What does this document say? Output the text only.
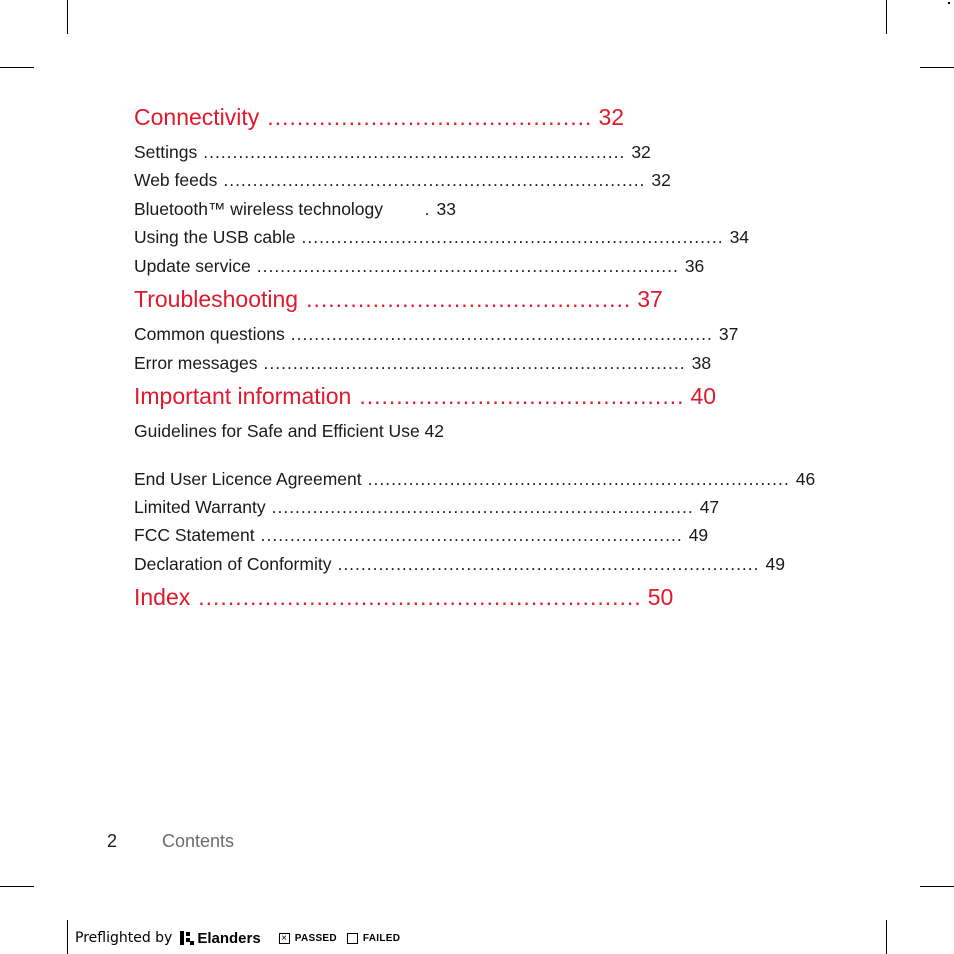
Connectivity ............................................ 32
Settings ........................................................................ 32
Web feeds ........................................................................ 32
Bluetooth™ wireless technology	. 33
Using the USB cable ........................................................................ 34
Update service ........................................................................ 36
Troubleshooting ............................................ 37
Common questions ........................................................................ 37
Error messages ........................................................................ 38
Important information ............................................ 40
Guidelines for Safe and Efficient Use 42
End User Licence Agreement ........................................................................ 46
Limited Warranty ........................................................................ 47
FCC Statement ........................................................................ 49
Declaration of Conformity ........................................................................ 49
Index ............................................................ 50
2 Contents
Preflighted by Elanders × PASSED	FAILED
